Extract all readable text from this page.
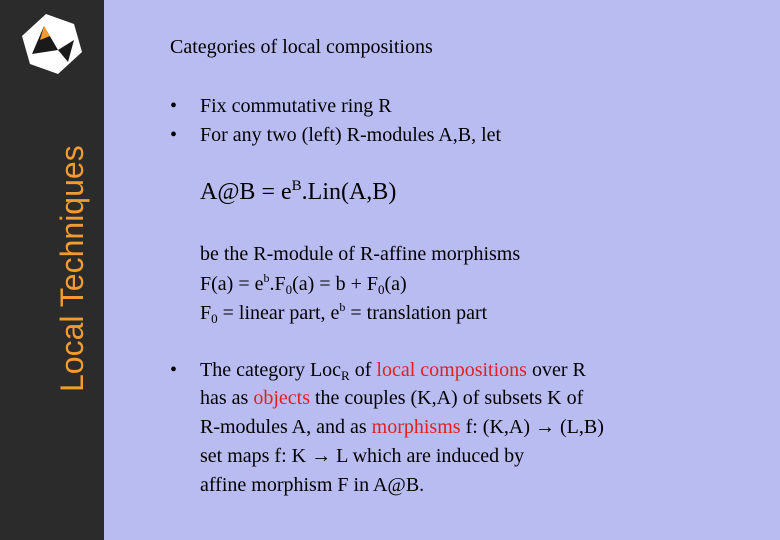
Local Techniques
Categories of local compositions
• Fix commutative ring R
• For any two (left) R-modules A,B, let
A@B = $e^B.Lin(A,B)$
be the R-module of R-affine morphisms
$F(a) = e^b.F_0(a) = b + F_0(a)$
$F_0$ = linear part, $e^b$ = translation part
• The category Loc$_R$ of local compositions over R
has as objects the couples (K,A) of subsets K of
R-modules A, and as morphisms f: (K,A) → (L,B)
set maps f: K → L which are induced by
affine morphism F in A@B.
